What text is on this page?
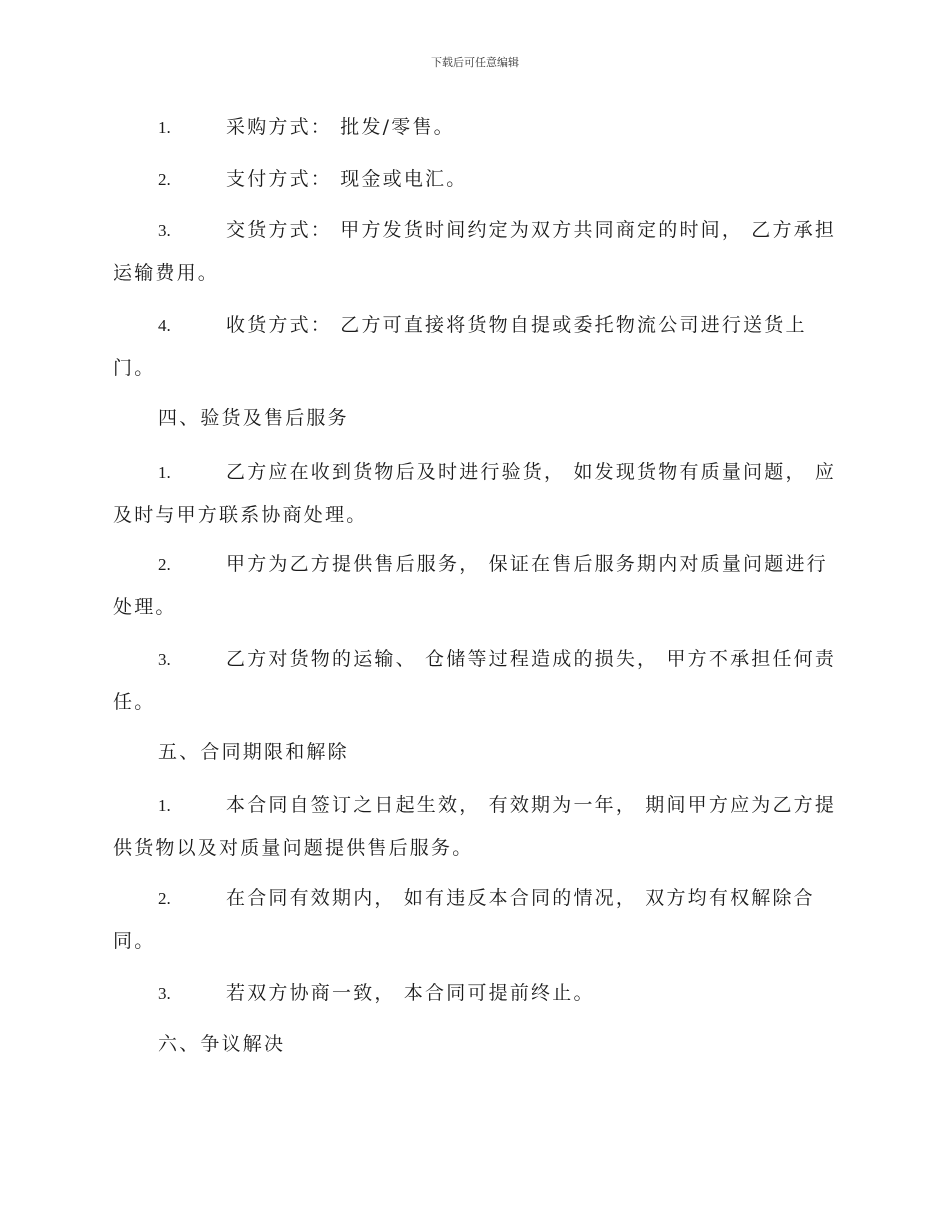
下载后可任意编辑
1.	采购方式： 批发/零售。
2.	支付方式： 现金或电汇。
3.	交货方式： 甲方发货时间约定为双方共同商定的时间， 乙方承担
运输费用。
4.	收货方式： 乙方可直接将货物自提或委托物流公司进行送货上
门。
四、验货及售后服务
1.	乙方应在收到货物后及时进行验货， 如发现货物有质量问题， 应
及时与甲方联系协商处理。
2.	甲方为乙方提供售后服务， 保证在售后服务期内对质量问题进行
处理。
3.	乙方对货物的运输、 仓储等过程造成的损失， 甲方不承担任何责
任。
五、合同期限和解除
1.	本合同自签订之日起生效， 有效期为一年， 期间甲方应为乙方提
供货物以及对质量问题提供售后服务。
2.	在合同有效期内， 如有违反本合同的情况， 双方均有权解除合
同。
3.	若双方协商一致， 本合同可提前终止。
六、争议解决
